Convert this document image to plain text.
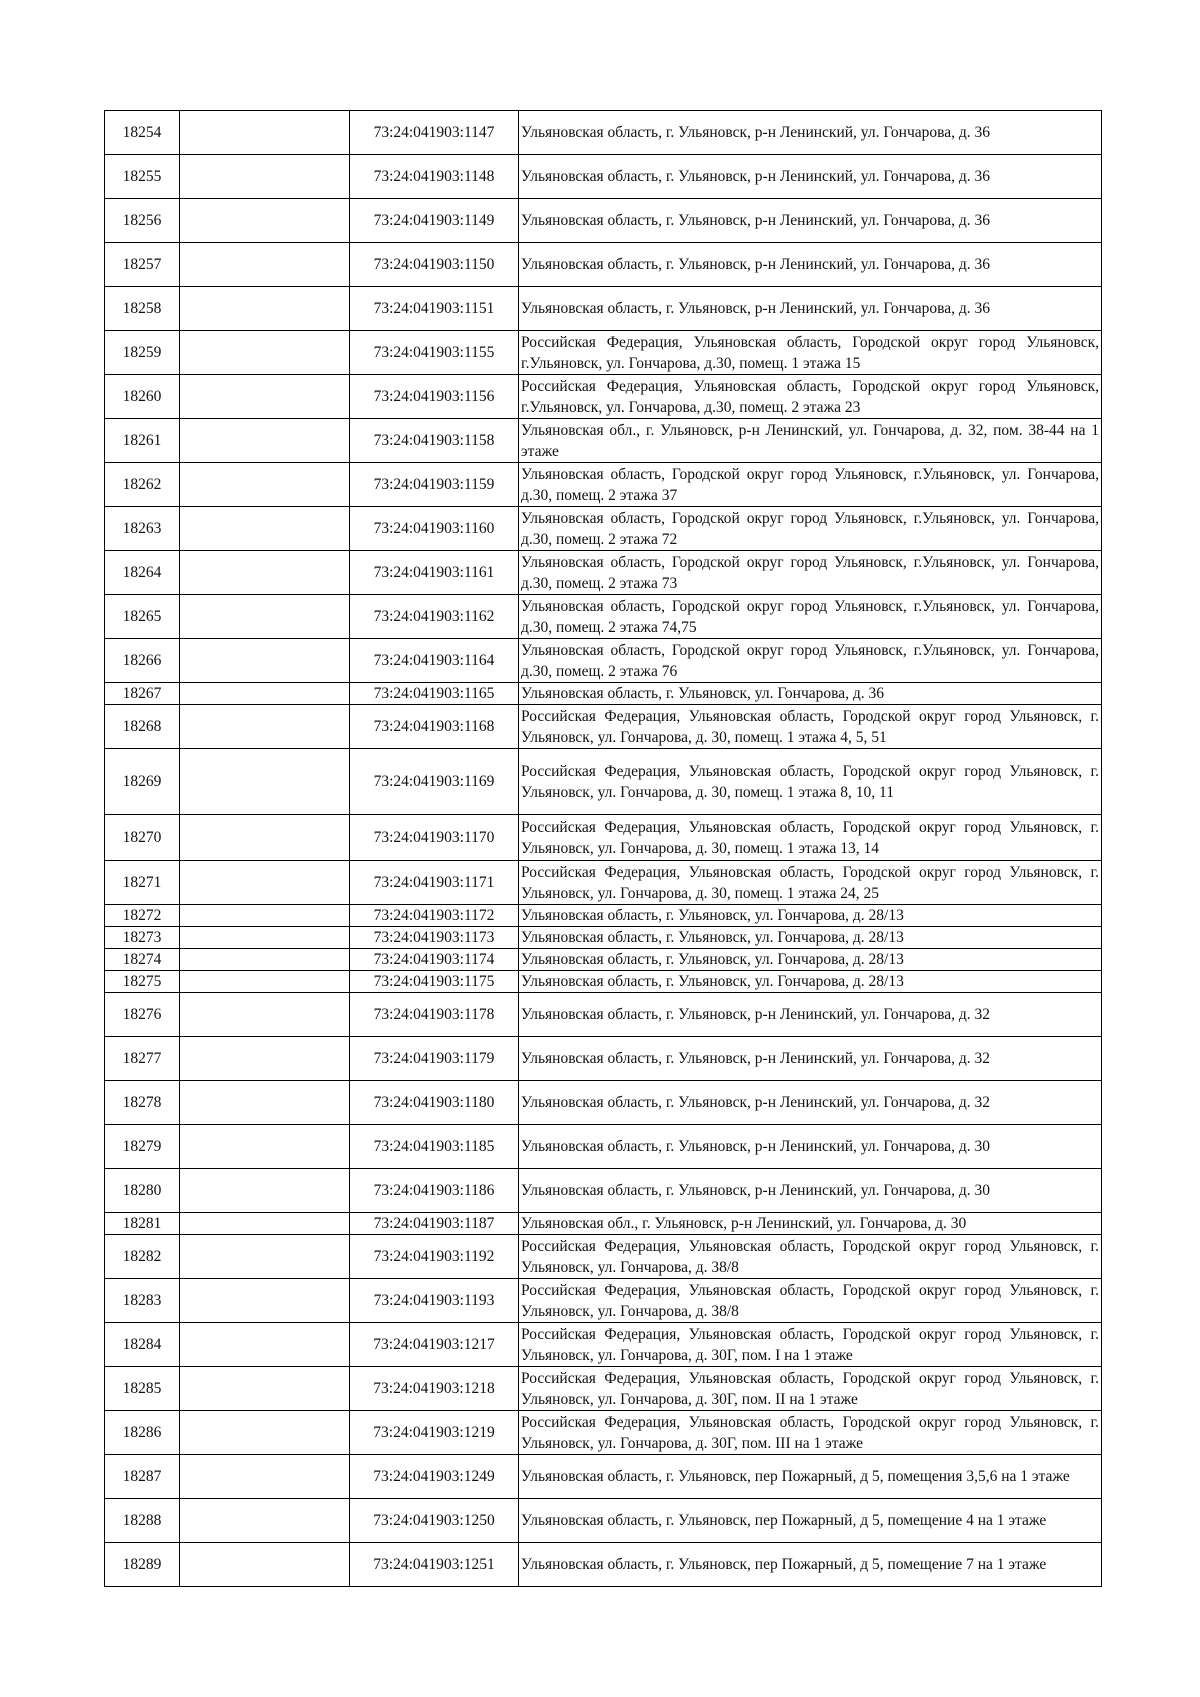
18254		73:24:041903:1147	Ульяновская область, г. Ульяновск, р-н Ленинский, ул. Гончарова, д. 36
18255		73:24:041903:1148	Ульяновская область, г. Ульяновск, р-н Ленинский, ул. Гончарова, д. 36
18256		73:24:041903:1149	Ульяновская область, г. Ульяновск, р-н Ленинский, ул. Гончарова, д. 36
18257		73:24:041903:1150	Ульяновская область, г. Ульяновск, р-н Ленинский, ул. Гончарова, д. 36
18258		73:24:041903:1151	Ульяновская область, г. Ульяновск, р-н Ленинский, ул. Гончарова, д. 36
18259		73:24:041903:1155	Российская Федерация, Ульяновская область, Городской округ город Ульяновск, г.Ульяновск, ул. Гончарова, д.30, помещ. 1 этажа 15
18260		73:24:041903:1156	Российская Федерация, Ульяновская область, Городской округ город Ульяновск, г.Ульяновск, ул. Гончарова, д.30, помещ. 2 этажа 23
18261		73:24:041903:1158	Ульяновская обл., г. Ульяновск, р-н Ленинский, ул. Гончарова, д. 32, пом. 38-44 на 1 этаже
18262		73:24:041903:1159	Ульяновская область, Городской округ город Ульяновск, г.Ульяновск, ул. Гончарова, д.30, помещ. 2 этажа 37
18263		73:24:041903:1160	Ульяновская область, Городской округ город Ульяновск, г.Ульяновск, ул. Гончарова, д.30, помещ. 2 этажа 72
18264		73:24:041903:1161	Ульяновская область, Городской округ город Ульяновск, г.Ульяновск, ул. Гончарова, д.30, помещ. 2 этажа 73
18265		73:24:041903:1162	Ульяновская область, Городской округ город Ульяновск, г.Ульяновск, ул. Гончарова, д.30, помещ. 2 этажа 74,75
18266		73:24:041903:1164	Ульяновская область, Городской округ город Ульяновск, г.Ульяновск, ул. Гончарова, д.30, помещ. 2 этажа 76
18267		73:24:041903:1165	Ульяновская область, г. Ульяновск, ул. Гончарова, д. 36
18268		73:24:041903:1168	Российская Федерация, Ульяновская область, Городской округ город Ульяновск, г. Ульяновск, ул. Гончарова, д. 30, помещ. 1 этажа 4, 5, 51
18269		73:24:041903:1169	Российская Федерация, Ульяновская область, Городской округ город Ульяновск, г. Ульяновск, ул. Гончарова, д. 30, помещ. 1 этажа 8, 10, 11
18270		73:24:041903:1170	Российская Федерация, Ульяновская область, Городской округ город Ульяновск, г. Ульяновск, ул. Гончарова, д. 30, помещ. 1 этажа 13, 14
18271		73:24:041903:1171	Российская Федерация, Ульяновская область, Городской округ город Ульяновск, г. Ульяновск, ул. Гончарова, д. 30, помещ. 1 этажа 24, 25
18272		73:24:041903:1172	Ульяновская область, г. Ульяновск, ул. Гончарова, д. 28/13
18273		73:24:041903:1173	Ульяновская область, г. Ульяновск, ул. Гончарова, д. 28/13
18274		73:24:041903:1174	Ульяновская область, г. Ульяновск, ул. Гончарова, д. 28/13
18275		73:24:041903:1175	Ульяновская область, г. Ульяновск, ул. Гончарова, д. 28/13
18276		73:24:041903:1178	Ульяновская область, г. Ульяновск, р-н Ленинский, ул. Гончарова, д. 32
18277		73:24:041903:1179	Ульяновская область, г. Ульяновск, р-н Ленинский, ул. Гончарова, д. 32
18278		73:24:041903:1180	Ульяновская область, г. Ульяновск, р-н Ленинский, ул. Гончарова, д. 32
18279		73:24:041903:1185	Ульяновская область, г. Ульяновск, р-н Ленинский, ул. Гончарова, д. 30
18280		73:24:041903:1186	Ульяновская область, г. Ульяновск, р-н Ленинский, ул. Гончарова, д. 30
18281		73:24:041903:1187	Ульяновская обл., г. Ульяновск, р-н Ленинский, ул. Гончарова, д. 30
18282		73:24:041903:1192	Российская Федерация, Ульяновская область, Городской округ город Ульяновск, г. Ульяновск, ул. Гончарова, д. 38/8
18283		73:24:041903:1193	Российская Федерация, Ульяновская область, Городской округ город Ульяновск, г. Ульяновск, ул. Гончарова, д. 38/8
18284		73:24:041903:1217	Российская Федерация, Ульяновская область, Городской округ город Ульяновск, г. Ульяновск, ул. Гончарова, д. 30Г, пом. I на 1 этаже
18285		73:24:041903:1218	Российская Федерация, Ульяновская область, Городской округ город Ульяновск, г. Ульяновск, ул. Гончарова, д. 30Г, пом. II на 1 этаже
18286		73:24:041903:1219	Российская Федерация, Ульяновская область, Городской округ город Ульяновск, г. Ульяновск, ул. Гончарова, д. 30Г, пом. III на 1 этаже
18287		73:24:041903:1249	Ульяновская область, г. Ульяновск, пер Пожарный, д 5, помещения 3,5,6 на 1 этаже
18288		73:24:041903:1250	Ульяновская область, г. Ульяновск, пер Пожарный, д 5, помещение 4 на 1 этаже
18289		73:24:041903:1251	Ульяновская область, г. Ульяновск, пер Пожарный, д 5, помещение 7 на 1 этаже
